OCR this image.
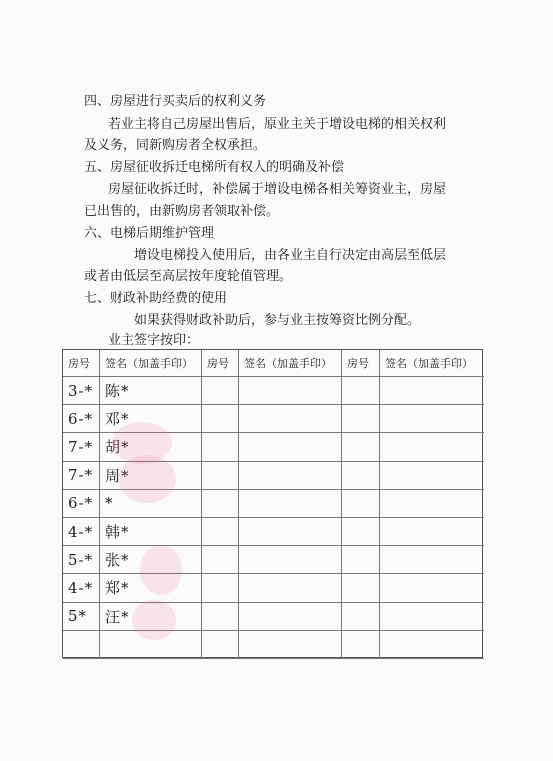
四、房屋进行买卖后的权利义务
若业主将自己房屋出售后，原业主关于增设电梯的相关权利
及义务，同新购房者全权承担。
五、房屋征收拆迁电梯所有权人的明确及补偿
房屋征收拆迁时，补偿属于增设电梯各相关筹资业主，房屋
已出售的，由新购房者领取补偿。
六、电梯后期维护管理
增设电梯投入使用后，由各业主自行决定由高层至低层
或者由低层至高层按年度轮值管理。
七、财政补助经费的使用
如果获得财政补助后，参与业主按筹资比例分配。
业主签字按印：
房号	签名（加盖手印）	房号	签名（加盖手印）	房号	签名（加盖手印）
3-* 陈*
6-* 邓*
7-* 胡*
7-* 周*
6-* *
4-* 韩*
5-* 张*
4-* 郑*
5*	汪*
